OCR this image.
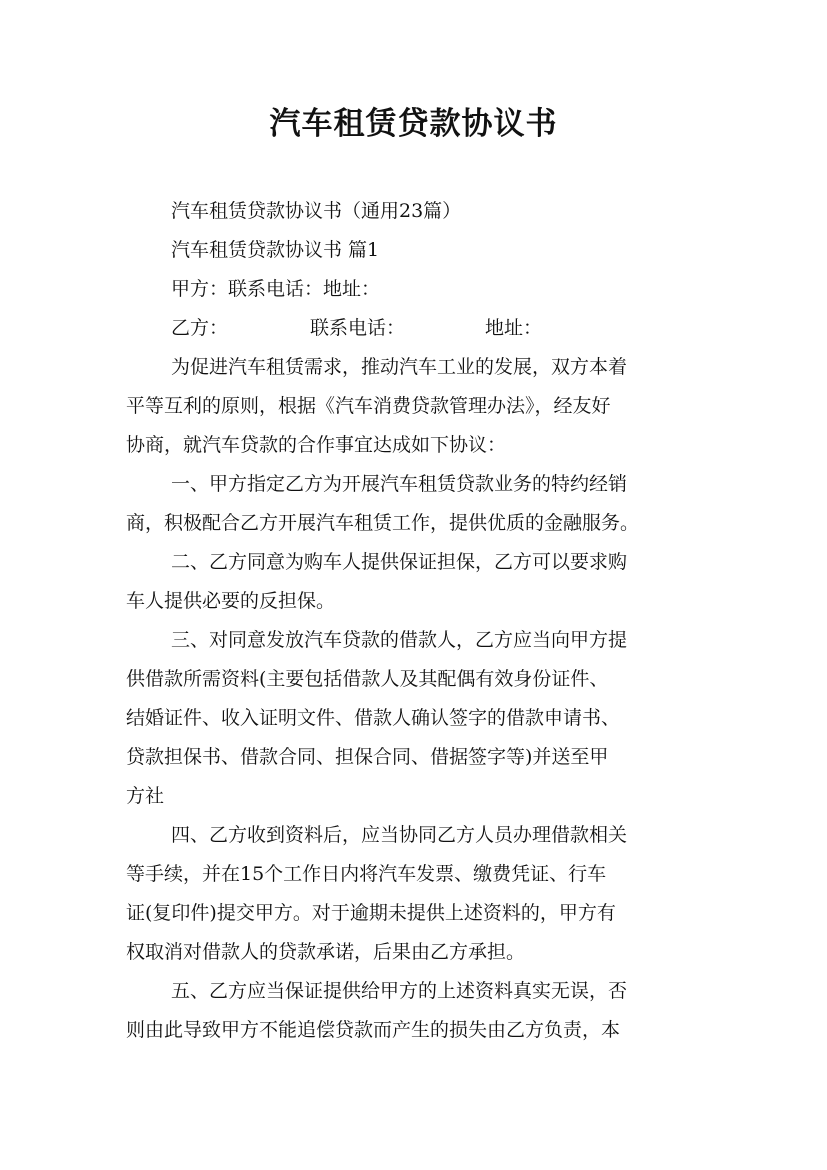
汽车租赁贷款协议书
汽车租赁贷款协议书（通用23篇）
汽车租赁贷款协议书 篇1
甲方：联系电话：地址：
乙方：	联系电话：	地址：
为促进汽车租赁需求，推动汽车工业的发展，双方本着
平等互利的原则，根据《汽车消费贷款管理办法》，经友好
协商，就汽车贷款的合作事宜达成如下协议：
一、甲方指定乙方为开展汽车租赁贷款业务的特约经销
商，积极配合乙方开展汽车租赁工作，提供优质的金融服务。
二、乙方同意为购车人提供保证担保，乙方可以要求购
车人提供必要的反担保。
三、对同意发放汽车贷款的借款人，乙方应当向甲方提
供借款所需资料(主要包括借款人及其配偶有效身份证件、
结婚证件、收入证明文件、借款人确认签字的借款申请书、
贷款担保书、借款合同、担保合同、借据签字等)并送至甲
方社
四、乙方收到资料后，应当协同乙方人员办理借款相关
等手续，并在15个工作日内将汽车发票、缴费凭证、行车
证(复印件)提交甲方。对于逾期未提供上述资料的，甲方有
权取消对借款人的贷款承诺，后果由乙方承担。
五、乙方应当保证提供给甲方的上述资料真实无误，否
则由此导致甲方不能追偿贷款而产生的损失由乙方负责，本
